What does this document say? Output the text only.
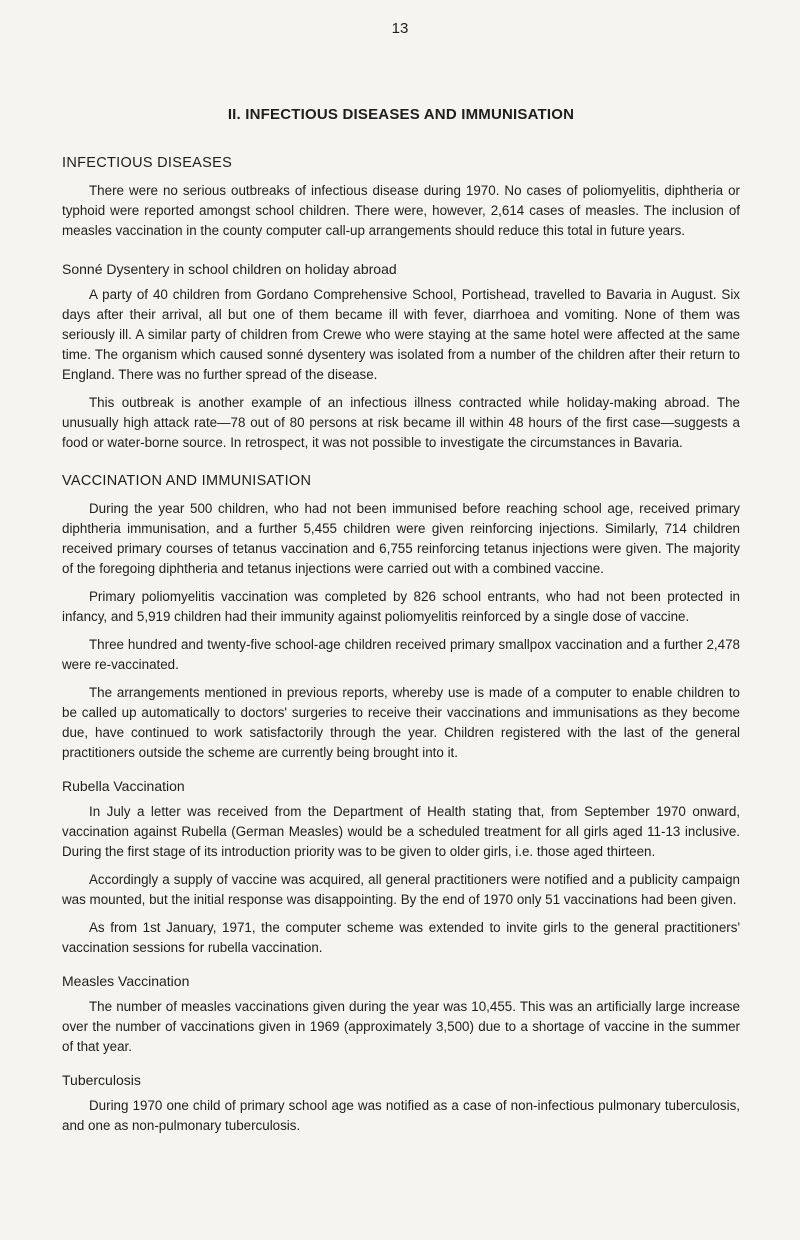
13
II. INFECTIOUS DISEASES AND IMMUNISATION
INFECTIOUS DISEASES

There were no serious outbreaks of infectious disease during 1970. No cases of poliomyelitis, diphtheria or typhoid were reported amongst school children. There were, however, 2,614 cases of measles. The inclusion of measles vaccination in the county computer call-up arrangements should reduce this total in future years.

Sonné Dysentery in school children on holiday abroad

A party of 40 children from Gordano Comprehensive School, Portishead, travelled to Bavaria in August. Six days after their arrival, all but one of them became ill with fever, diarrhoea and vomiting. None of them was seriously ill. A similar party of children from Crewe who were staying at the same hotel were affected at the same time. The organism which caused sonné dysentery was isolated from a number of the children after their return to England. There was no further spread of the disease.

This outbreak is another example of an infectious illness contracted while holiday-making abroad. The unusually high attack rate—78 out of 80 persons at risk became ill within 48 hours of the first case—suggests a food or water-borne source. In retrospect, it was not possible to investigate the circumstances in Bavaria.

VACCINATION AND IMMUNISATION

During the year 500 children, who had not been immunised before reaching school age, received primary diphtheria immunisation, and a further 5,455 children were given reinforcing injections. Similarly, 714 children received primary courses of tetanus vaccination and 6,755 reinforcing tetanus injections were given. The majority of the foregoing diphtheria and tetanus injections were carried out with a combined vaccine.

Primary poliomyelitis vaccination was completed by 826 school entrants, who had not been protected in infancy, and 5,919 children had their immunity against poliomyelitis reinforced by a single dose of vaccine.

Three hundred and twenty-five school-age children received primary smallpox vaccination and a further 2,478 were re-vaccinated.

The arrangements mentioned in previous reports, whereby use is made of a computer to enable children to be called up automatically to doctors' surgeries to receive their vaccinations and immunisations as they become due, have continued to work satisfactorily through the year. Children registered with the last of the general practitioners outside the scheme are currently being brought into it.

Rubella Vaccination

In July a letter was received from the Department of Health stating that, from September 1970 onward, vaccination against Rubella (German Measles) would be a scheduled treatment for all girls aged 11-13 inclusive. During the first stage of its introduction priority was to be given to older girls, i.e. those aged thirteen.

Accordingly a supply of vaccine was acquired, all general practitioners were notified and a publicity campaign was mounted, but the initial response was disappointing. By the end of 1970 only 51 vaccinations had been given.

As from 1st January, 1971, the computer scheme was extended to invite girls to the general practitioners' vaccination sessions for rubella vaccination.

Measles Vaccination

The number of measles vaccinations given during the year was 10,455. This was an artificially large increase over the number of vaccinations given in 1969 (approximately 3,500) due to a shortage of vaccine in the summer of that year.

Tuberculosis

During 1970 one child of primary school age was notified as a case of non-infectious pulmonary tuberculosis, and one as non-pulmonary tuberculosis.
